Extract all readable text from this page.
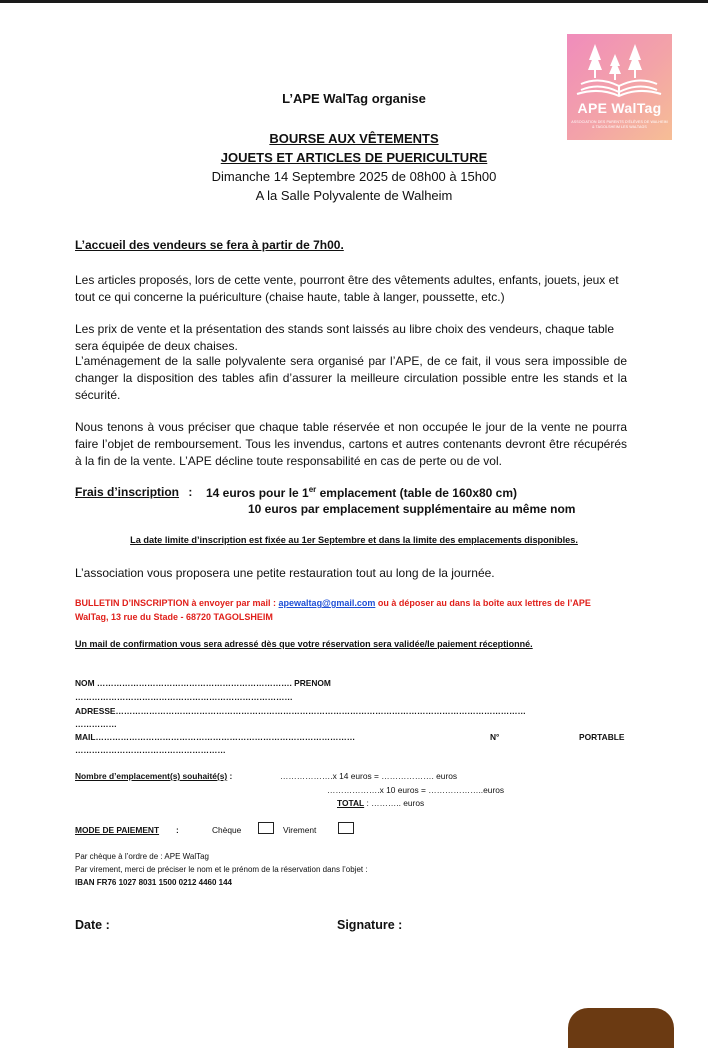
APE WalTag
ASSOCIATION DES PARENTS D'ÉLÈVES DE WALHEIM & TAGOLSHEIM LES WALTAGS
L’APE WalTag organise
BOURSE AUX VÊTEMENTS
JOUETS ET ARTICLES DE PUERICULTURE
Dimanche 14 Septembre 2025 de 08h00 à 15h00
A la Salle Polyvalente de Walheim
L’accueil des vendeurs se fera à partir de 7h00.
Les articles proposés, lors de cette vente, pourront être des vêtements adultes, enfants, jouets, jeux et tout ce qui concerne la puériculture (chaise haute, table à langer, poussette, etc.)
Les prix de vente et la présentation des stands sont laissés au libre choix des vendeurs, chaque table sera équipée de deux chaises.
L’aménagement de la salle polyvalente sera organisé par l’APE, de ce fait, il vous sera impossible de changer la disposition des tables afin d’assurer la meilleure circulation possible entre les stands et la sécurité.
Nous tenons à vous préciser que chaque table réservée et non occupée le jour de la vente ne pourra faire l’objet de remboursement. Tous les invendus, cartons et autres contenants devront être récupérés à la fin de la vente. L’APE décline toute responsabilité en cas de perte ou de vol.
Frais d’inscription : 14 euros pour le 1er emplacement (table de 160x80 cm)
10 euros par emplacement supplémentaire au même nom
La date limite d’inscription est fixée au 1er Septembre et dans la limite des emplacements disponibles.
L’association vous proposera une petite restauration tout au long de la journée.
BULLETIN D’INSCRIPTION à envoyer par mail : apewaltag@gmail.com ou à déposer au dans la boîte aux lettres de l’APE
WalTag, 13 rue du Stade - 68720 TAGOLSHEIM
Un mail de confirmation vous sera adressé dès que votre réservation sera validée/le paiement réceptionné.
NOM ……………………………………………………………. PRENOM
……………………………………………………………………
ADRESSE…………………………………………………………………………………………………………………………………
……………
MAIL…………………………………………………………………………………	N°	PORTABLE
………………………………………………
Nombre d’emplacement(s) souhaité(s) :	……………….x 14 euros = ………………. euros
……………….x 10 euros = ………………..euros
TOTAL : ……….. euros
MODE DE PAIEMENT :	Chèque	Virement
Par chèque à l’ordre de : APE WalTag
Par virement, merci de préciser le nom et le prénom de la réservation dans l’objet :
IBAN FR76 1027 8031 1500 0212 4460 144
Date :	Signature :
